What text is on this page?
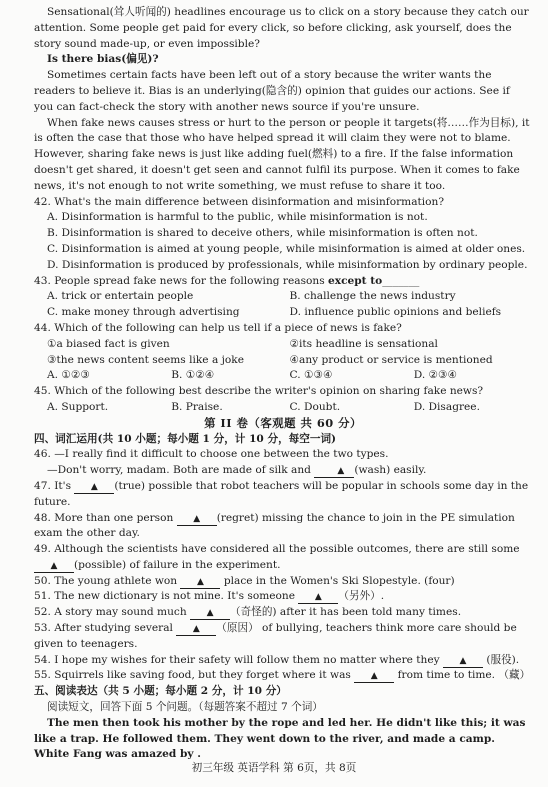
Sensational(耸人听闻的) headlines encourage us to click on a story because they catch our attention. Some people get paid for every click, so before clicking, ask yourself, does the story sound made-up, or even impossible?

Is there bias(偏见)?

Sometimes certain facts have been left out of a story because the writer wants the readers to believe it. Bias is an underlying(隐含的) opinion that guides our actions. See if you can fact-check the story with another news source if you're unsure.

When fake news causes stress or hurt to the person or people it targets(将……作为目标), it is often the case that those who have helped spread it will claim they were not to blame. However, sharing fake news is just like adding fuel(燃料) to a fire. If the false information doesn't get shared, it doesn't get seen and cannot fulfil its purpose. When it comes to fake news, it's not enough to not write something, we must refuse to share it too.

42. What's the main difference between disinformation and misinformation?

A. Disinformation is harmful to the public, while misinformation is not.

B. Disinformation is shared to deceive others, while misinformation is often not.

C. Disinformation is aimed at young people, while misinformation is aimed at older ones.

D. Disinformation is produced by professionals, while misinformation by ordinary people.

43. People spread fake news for the following reasons except to_______

A. trick or entertain people	B. challenge the news industry
C. make money through advertising	D. influence public opinions and beliefs

44. Which of the following can help us tell if a piece of news is fake?

①a biased fact is given	②its headline is sensational
③the news content seems like a joke	④any product or service is mentioned
A. ①②③	B. ①②④	C. ①③④	D. ②③④

45. Which of the following best describe the writer's opinion on sharing fake news?

A. Support.	B. Praise.	C. Doubt.	D. Disagree.

第 II 卷（客观题 共 60 分）

四、词汇运用(共 10 小题；每小题 1 分，计 10 分，每空一词)

46. —I really find it difficult to choose one between the two types.

—Don't worry, madam. Both are made of silk and	▲ (wash) easily.

47. It's ▲ (true) possible that robot teachers will be popular in schools some day in the future.

48. More than one person ▲ (regret) missing the chance to join in the PE simulation exam the other day.

49. Although the scientists have considered all the possible outcomes, there are still some ▲ (possible) of failure in the experiment.

50. The young athlete won ▲ place in the Women's Ski Slopestyle. (four)

51. The new dictionary is not mine. It's someone ▲ （另外）.

52. A story may sound much ▲ （奇怪的) after it has been told many times.

53. After studying several ▲ （原因） of bullying, teachers think more care should be given to teenagers.

54. I hope my wishes for their safety will follow them no matter where they ▲ (服役).

55. Squirrels like saving food, but they forget where it was ▲ from time to time. （藏）

五、阅读表达（共 5 小题；每小题 2 分，计 10 分）

阅读短文，回答下面 5 个问题。（每题答案不超过 7 个词）

The men then took his mother by the rope and led her. He didn't like this; it was like a trap. He followed them. They went down to the river, and made a camp. White Fang was amazed by .

初三年级 英语学科 第 6页，共 8页
